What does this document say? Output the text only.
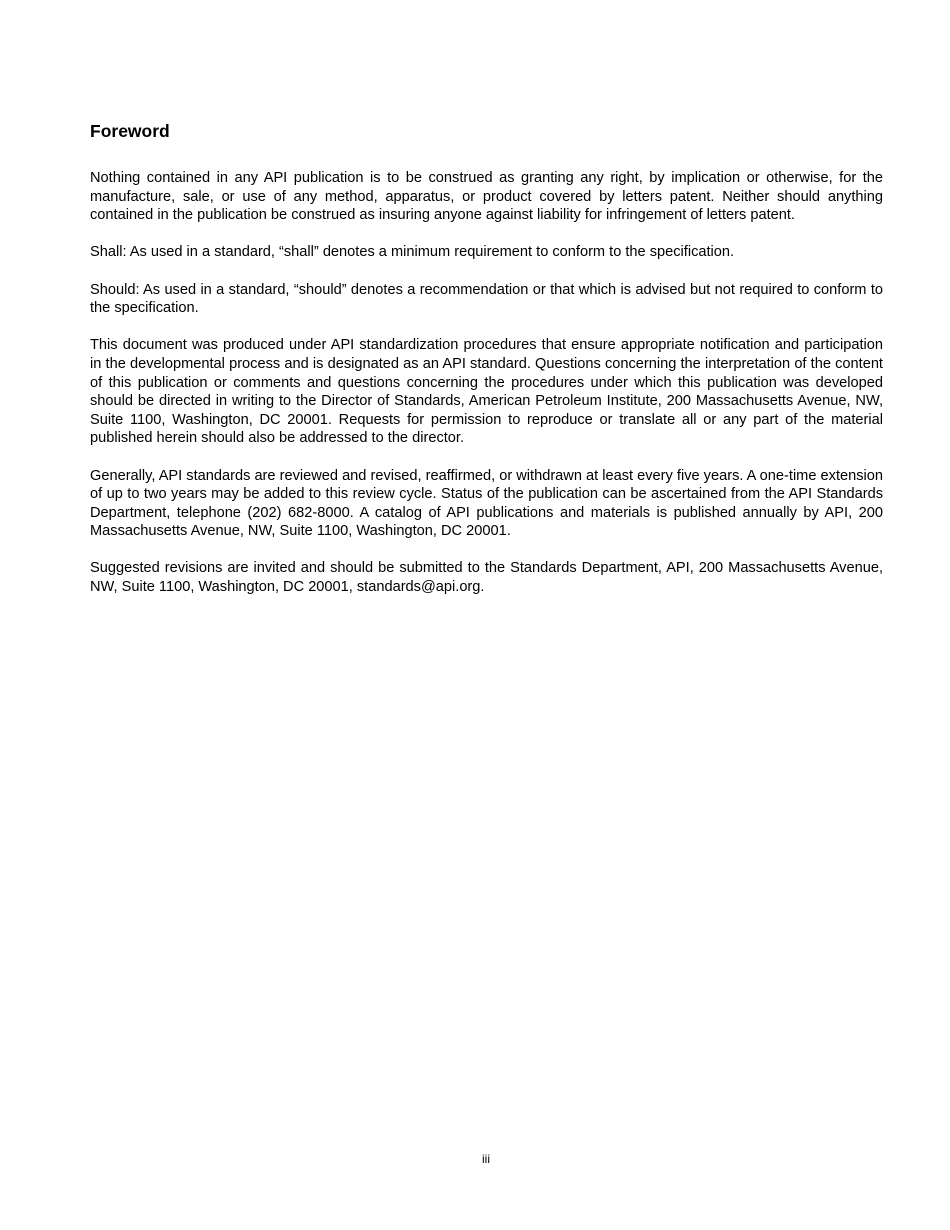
Foreword

Nothing contained in any API publication is to be construed as granting any right, by implication or otherwise, for the manufacture, sale, or use of any method, apparatus, or product covered by letters patent. Neither should anything contained in the publication be construed as insuring anyone against liability for infringement of letters patent.

Shall: As used in a standard, “shall” denotes a minimum requirement to conform to the specification.

Should: As used in a standard, “should” denotes a recommendation or that which is advised but not required to conform to the specification.

This document was produced under API standardization procedures that ensure appropriate notification and participation in the developmental process and is designated as an API standard. Questions concerning the interpretation of the content of this publication or comments and questions concerning the procedures under which this publication was developed should be directed in writing to the Director of Standards, American Petroleum Institute, 200 Massachusetts Avenue, NW, Suite 1100, Washington, DC 20001. Requests for permission to reproduce or translate all or any part of the material published herein should also be addressed to the director.

Generally, API standards are reviewed and revised, reaffirmed, or withdrawn at least every five years. A one-time extension of up to two years may be added to this review cycle. Status of the publication can be ascertained from the API Standards Department, telephone (202) 682-8000. A catalog of API publications and materials is published annually by API, 200 Massachusetts Avenue, NW, Suite 1100, Washington, DC 20001.

Suggested revisions are invited and should be submitted to the Standards Department, API, 200 Massachusetts Avenue, NW, Suite 1100, Washington, DC 20001, standards@api.org.

iii
